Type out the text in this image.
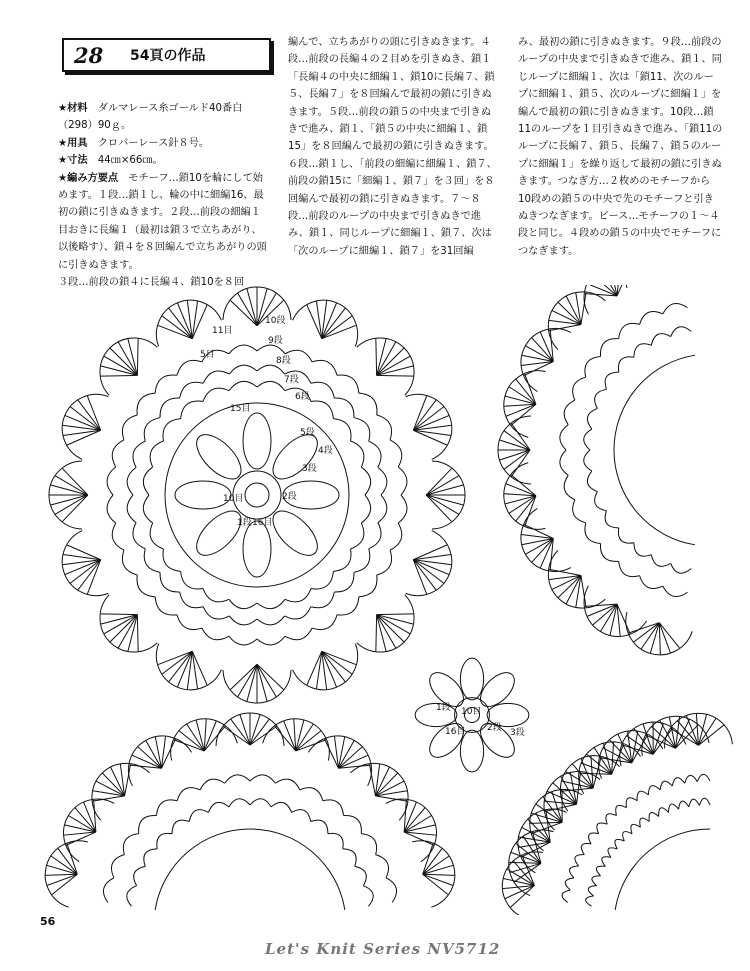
28	54頁の作品

★材料　 ダルマレース糸ゴールド40番白（298）90ｇ。

★用具　 クロバーレース針８号。

★寸法　 44㎝×66㎝。

★編み方要点　 モチーフ…鎖10を輪にして始めます。１段…鎖１し、輪の中に細編16、最初の鎖に引きぬきます。２段…前段の細編１目おきに長編１（最初は鎖３で立ちあがり、以後略す）、鎖４を８回編んで立ちあがりの頭に引きぬきます。

３段…前段の鎖４に長編４、鎖10を８回

編んで、立ちあがりの頭に引きぬきます。４段…前段の長編４の２目めを引きぬき、鎖１「長編４の中央に細編１、鎖10に長編７、鎖５、長編７」を８回編んで最初の鎖に引きぬきます。５段…前段の鎖５の中央まで引きぬきで進み、鎖１、「鎖５の中央に細編１、鎖15」を８回編んで最初の鎖に引きぬきます。６段…鎖１し、「前段の細編に細編１、鎖７、前段の鎖15に「細編１、鎖７」を３回」を８回編んで最初の鎖に引きぬきます。７～８段…前段のループの中央まで引きぬきで進み、鎖１、同じループに細編１、鎖７、次は「次のループに細編１、鎖７」を31回編

み、最初の鎖に引きぬきます。９段…前段のループの中央まで引きぬきで進み、鎖１、同じループに細編１、次は「鎖11、次のループに細編１、鎖５、次のループに細編１」を編んで最初の鎖に引きぬきます。10段…鎖11のループを１目引きぬきで進み、「鎖11のループに長編７、鎖５、長編７、鎖５のループに細編１」を繰り返して最初の鎖に引きぬきます。つなぎ方…２枚めのモチーフから10段めの鎖５の中央で先のモチーフと引きぬきつなぎます。ピース…モチーフの１～４段と同じ。４段めの鎖５の中央でモチーフにつなぎます。

10段
9段
8段
7段
6段
5段
4段
3段
2段
1段
11目
5目
15目
10目
16目
10目
16目
1段
2段 3段
56
Let's Knit Series NV5712
